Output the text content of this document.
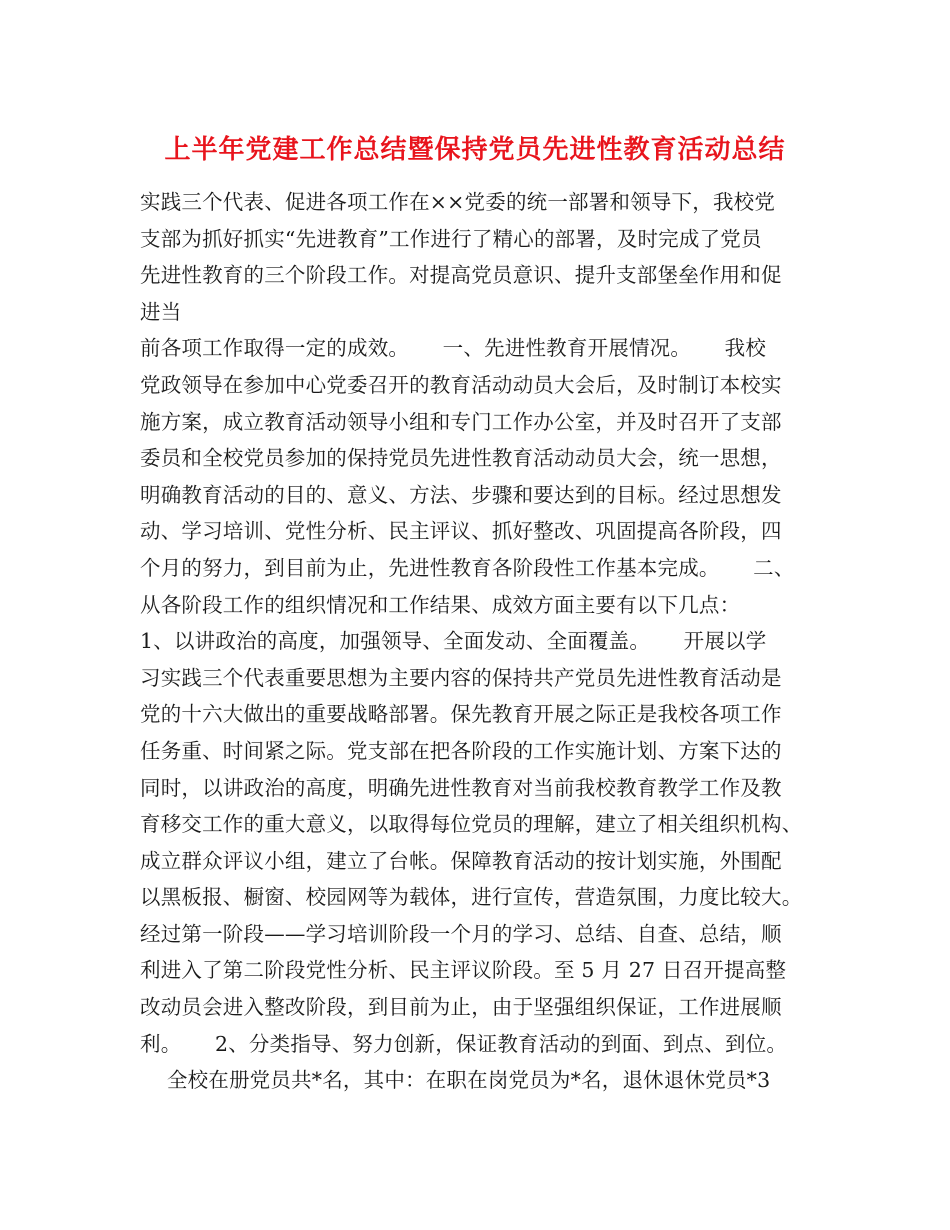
上半年党建工作总结暨保持党员先进性教育活动总结
实践三个代表、促进各项工作在××党委的统一部署和领导下，我校党
支部为抓好抓实“先进教育”工作进行了精心的部署，及时完成了党员
先进性教育的三个阶段工作。对提高党员意识、提升支部堡垒作用和促
进当
前各项工作取得一定的成效。     一、先进性教育开展情况。     我校
党政领导在参加中心党委召开的教育活动动员大会后，及时制订本校实
施方案，成立教育活动领导小组和专门工作办公室，并及时召开了支部
委员和全校党员参加的保持党员先进性教育活动动员大会，统一思想，
明确教育活动的目的、意义、方法、步骤和要达到的目标。经过思想发
动、学习培训、党性分析、民主评议、抓好整改、巩固提高各阶段，四
个月的努力，到目前为止，先进性教育各阶段性工作基本完成。     二、
从各阶段工作的组织情况和工作结果、成效方面主要有以下几点：
1、以讲政治的高度，加强领导、全面发动、全面覆盖。     开展以学
习实践三个代表重要思想为主要内容的保持共产党员先进性教育活动是
党的十六大做出的重要战略部署。保先教育开展之际正是我校各项工作
任务重、时间紧之际。党支部在把各阶段的工作实施计划、方案下达的
同时，以讲政治的高度，明确先进性教育对当前我校教育教学工作及教
育移交工作的重大意义，以取得每位党员的理解，建立了相关组织机构、
成立群众评议小组，建立了台帐。保障教育活动的按计划实施，外围配
以黑板报、橱窗、校园网等为载体，进行宣传，营造氛围，力度比较大。
经过第一阶段——学习培训阶段一个月的学习、总结、自查、总结，顺
利进入了第二阶段党性分析、民主评议阶段。至 5 月 27 日召开提高整
改动员会进入整改阶段，到目前为止，由于坚强组织保证，工作进展顺
利。     2、分类指导、努力创新，保证教育活动的到面、到点、到位。
全校在册党员共*名，其中：在职在岗党员为*名，退休退休党员*3
